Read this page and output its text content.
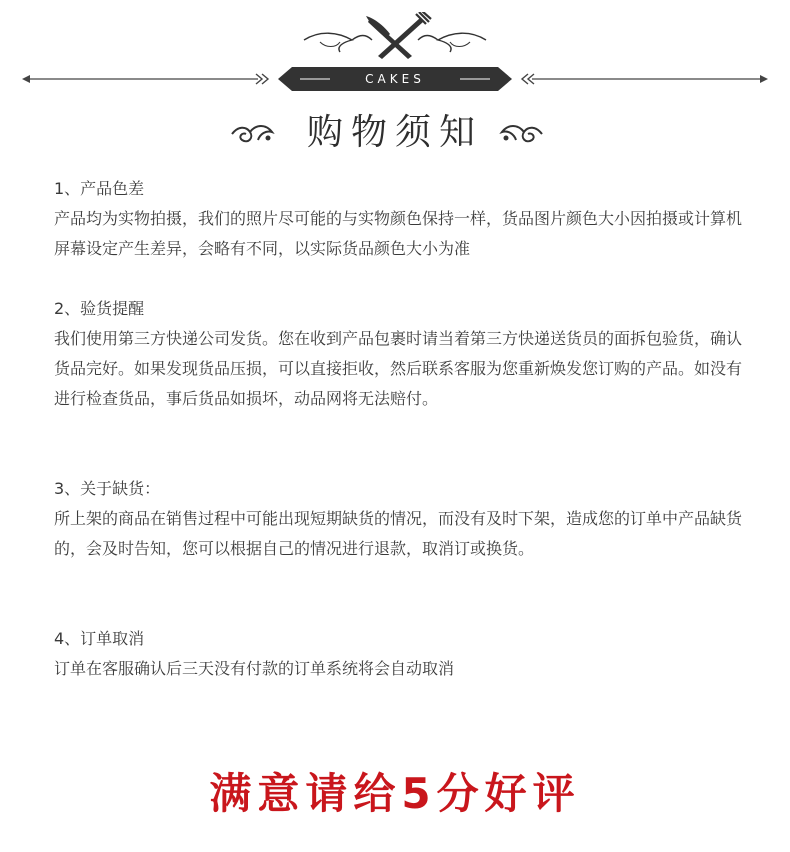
CAKES
购物须知
1、产品色差
产品均为实物拍摄，我们的照片尽可能的与实物颜色保持一样，货品图片颜色大小因拍摄或计算机屏幕设定产生差异，会略有不同，以实际货品颜色大小为准
2、验货提醒
我们使用第三方快递公司发货。您在收到产品包裹时请当着第三方快递送货员的面拆包验货，确认货品完好。如果发现货品压损，可以直接拒收，然后联系客服为您重新焕发您订购的产品。如没有进行检查货品，事后货品如损坏，动品网将无法赔付。
3、关于缺货：
所上架的商品在销售过程中可能出现短期缺货的情况，而没有及时下架，造成您的订单中产品缺货的，会及时告知，您可以根据自己的情况进行退款，取消订或换货。
4、订单取消
订单在客服确认后三天没有付款的订单系统将会自动取消
满意请给5分好评
